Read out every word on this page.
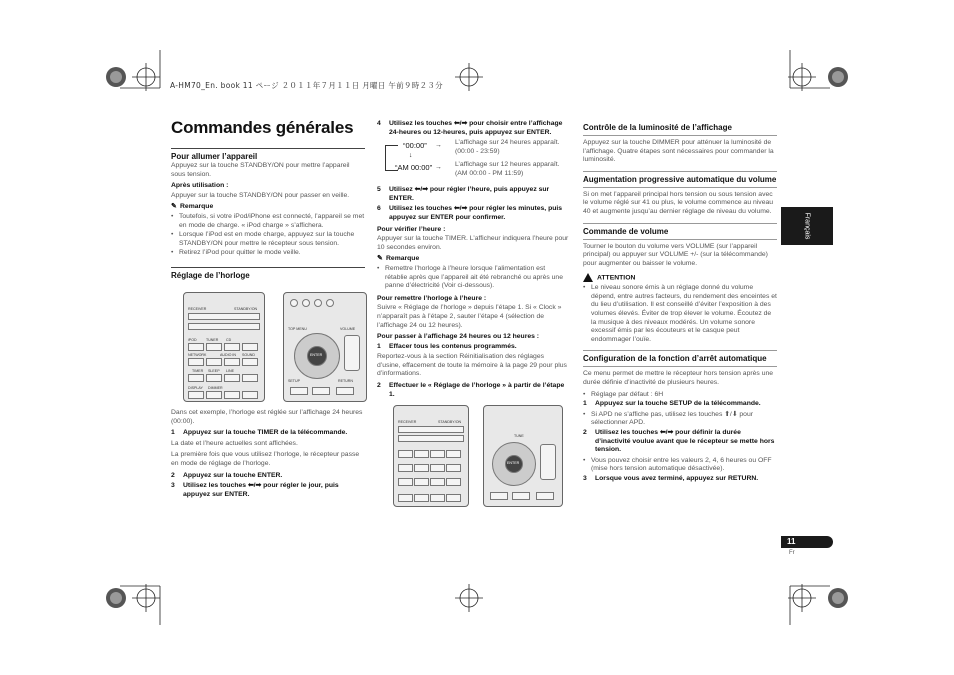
A-HM70_En. book 11 ページ ２０１１年７月１１日 月曜日 午前９時２３分
Commandes générales
Pour allumer l’appareil

Appuyez sur la touche STANDBY/ON pour mettre l’appareil sous tension.

Après utilisation :

Appuyer sur la touche STANDBY/ON pour passer en veille.

✎ Remarque
• Toutefois, si votre iPod/iPhone est connecté, l’appareil se met en mode de charge. « iPod charge » s’affichera.
• Lorsque l’iPod est en mode charge, appuyez sur la touche STANDBY/ON pour mettre le récepteur sous tension.
• Retirez l’iPod pour quitter le mode veille.
Réglage de l’horloge
RECEIVER	STANDBY/ON
iPOD	TUNER CD
NETWORK	AUDIO IN SOUND
TIMER SLEEP LINE
DISPLAY DIMMER
TOP MENU	VOLUME
ENTER
SETUP	RETURN

Dans cet exemple, l’horloge est réglée sur l’affichage 24 heures (00:00).

1	Appuyez sur la touche TIMER de la télécommande.

La date et l’heure actuelles sont affichées.

La première fois que vous utilisez l’horloge, le récepteur passe en mode de réglage de l’horloge.

2	Appuyez sur la touche ENTER.
3	Utilisez les touches ⬅/➡ pour régler le jour, puis appuyez sur ENTER.
4	Utilisez les touches ⬅/➡ pour choisir entre l’affichage 24-heures ou 12-heures, puis appuyez sur ENTER.
“00:00” → L’affichage sur 24 heures apparaît. (00:00 - 23:59)
↓
“AM 00:00” → L’affichage sur 12 heures apparaît. (AM 00:00 - PM 11:59)
5	Utilisez ⬅/➡ pour régler l’heure, puis appuyez sur ENTER.
6	Utilisez les touches ⬅/➡ pour régler les minutes, puis appuyez sur ENTER pour confirmer.
Pour vérifier l’heure :

Appuyer sur la touche TIMER. L’afficheur indiquera l’heure pour 10 secondes environ.

✎ Remarque
• Remettre l’horloge à l’heure lorsque l’alimentation est rétablie après que l’appareil ait été rebranché ou après une panne d’électricité (Voir ci-dessous).
Pour remettre l’horloge à l’heure :

Suivre « Réglage de l’horloge » depuis l’étape 1. Si « Clock » n’apparaît pas à l’étape 2, sauter l’étape 4 (sélection de l’affichage 24 ou 12 heures).

Pour passer à l’affichage 24 heures ou 12 heures :
1	Effacer tous les contenus programmés.

Reportez-vous à la section Réinitialisation des réglages d’usine, effacement de toute la mémoire à la page 29 pour plus d’informations.

2	Effectuer le « Réglage de l’horloge » à partir de l’étape 1.
RECEIVER	STANDBY/ON
TUNE
ENTER
Contrôle de la luminosité de l’affichage

Appuyez sur la touche DIMMER pour atténuer la luminosité de l’affichage. Quatre étapes sont nécessaires pour commander la luminosité.

Augmentation progressive automatique du volume

Si on met l’appareil principal hors tension ou sous tension avec le volume réglé sur 41 ou plus, le volume commence au niveau 40 et augmente jusqu’au dernier réglage de niveau du volume.

Commande de volume

Tourner le bouton du volume vers VOLUME (sur l’appareil principal) ou appuyer sur VOLUME +/- (sur la télécommande) pour augmenter ou baisser le volume.

ATTENTION
• Le niveau sonore émis à un réglage donné du volume dépend, entre autres facteurs, du rendement des enceintes et du lieu d’utilisation. Il est conseillé d’éviter l’exposition à des volumes élevés. Éviter de trop élever le volume. Écoutez de la musique à des niveaux modérés. Un volume sonore excessif émis par les écouteurs et le casque peut endommager l’ouïe.
Configuration de la fonction d’arrêt automatique

Ce menu permet de mettre le récepteur hors tension après une durée définie d’inactivité de plusieurs heures.

• Réglage par défaut : 6H
1	Appuyez sur la touche SETUP de la télécommande.
• Si APD ne s’affiche pas, utilisez les touches ⬆/⬇ pour sélectionner APD.
2	Utilisez les touches ⬅/➡ pour définir la durée d’inactivité voulue avant que le récepteur se mette hors tension.
• Vous pouvez choisir entre les valeurs 2, 4, 6 heures ou OFF (mise hors tension automatique désactivée).
3	Lorsque vous avez terminé, appuyez sur RETURN.
Français
11
Fr
